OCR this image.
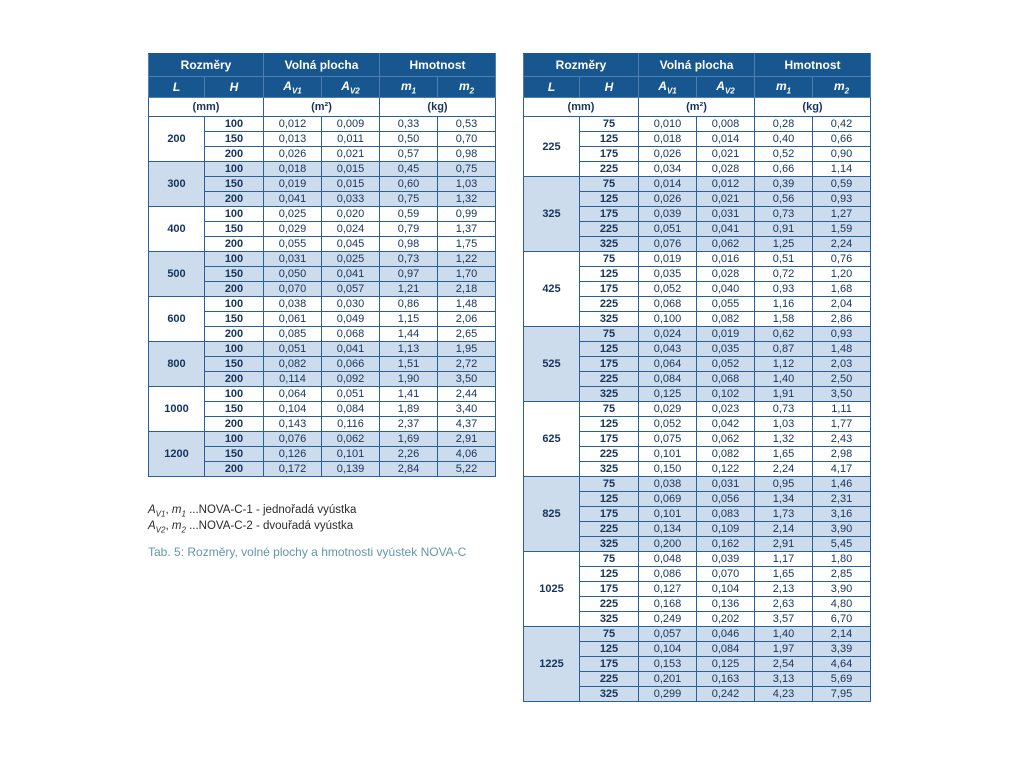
Rozměry		Volná plocha		Hmotnost	
L	H	$A_{V1}$	$A_{V2}$	$m_1$	$m_2$
(mm)		(m²)		(kg)	
200	100	0,012	0,009	0,33	0,53
	150	0,013	0,011	0,50	0,70
	200	0,026	0,021	0,57	0,98
300	100	0,018	0,015	0,45	0,75
	150	0,019	0,015	0,60	1,03
	200	0,041	0,033	0,75	1,32
400	100	0,025	0,020	0,59	0,99
	150	0,029	0,024	0,79	1,37
	200	0,055	0,045	0,98	1,75
500	100	0,031	0,025	0,73	1,22
	150	0,050	0,041	0,97	1,70
	200	0,070	0,057	1,21	2,18
600	100	0,038	0,030	0,86	1,48
	150	0,061	0,049	1,15	2,06
	200	0,085	0,068	1,44	2,65
800	100	0,051	0,041	1,13	1,95
	150	0,082	0,066	1,51	2,72
	200	0,114	0,092	1,90	3,50
1000	100	0,064	0,051	1,41	2,44
	150	0,104	0,084	1,89	3,40
	200	0,143	0,116	2,37	4,37
1200	100	0,076	0,062	1,69	2,91
	150	0,126	0,101	2,26	4,06
	200	0,172	0,139	2,84	5,22
Rozměry		Volná plocha		Hmotnost	
L	H	$A_{V1}$	$A_{V2}$	$m_1$	$m_2$
(mm)		(m²)		(kg)	
225	75	0,010	0,008	0,28	0,42
	125	0,018	0,014	0,40	0,66
	175	0,026	0,021	0,52	0,90
	225	0,034	0,028	0,66	1,14
325	75	0,014	0,012	0,39	0,59
	125	0,026	0,021	0,56	0,93
	175	0,039	0,031	0,73	1,27
	225	0,051	0,041	0,91	1,59
	325	0,076	0,062	1,25	2,24
425	75	0,019	0,016	0,51	0,76
	125	0,035	0,028	0,72	1,20
	175	0,052	0,040	0,93	1,68
	225	0,068	0,055	1,16	2,04
	325	0,100	0,082	1,58	2,86
525	75	0,024	0,019	0,62	0,93
	125	0,043	0,035	0,87	1,48
	175	0,064	0,052	1,12	2,03
	225	0,084	0,068	1,40	2,50
	325	0,125	0,102	1,91	3,50
625	75	0,029	0,023	0,73	1,11
	125	0,052	0,042	1,03	1,77
	175	0,075	0,062	1,32	2,43
	225	0,101	0,082	1,65	2,98
	325	0,150	0,122	2,24	4,17
825	75	0,038	0,031	0,95	1,46
	125	0,069	0,056	1,34	2,31
	175	0,101	0,083	1,73	3,16
	225	0,134	0,109	2,14	3,90
	325	0,200	0,162	2,91	5,45
1025	75	0,048	0,039	1,17	1,80
	125	0,086	0,070	1,65	2,85
	175	0,127	0,104	2,13	3,90
	225	0,168	0,136	2,63	4,80
	325	0,249	0,202	3,57	6,70
1225	75	0,057	0,046	1,40	2,14
	125	0,104	0,084	1,97	3,39
	175	0,153	0,125	2,54	4,64
	225	0,201	0,163	3,13	5,69
	325	0,299	0,242	4,23	7,95
$A_{V1}$, $m_1$ ...NOVA-C-1 - jednořadá vyústka
$A_{V2}$, $m_2$ ...NOVA-C-2 - dvouřadá vyústka
Tab. 5: Rozměry, volné plochy a hmotnosti vyústek NOVA-C
